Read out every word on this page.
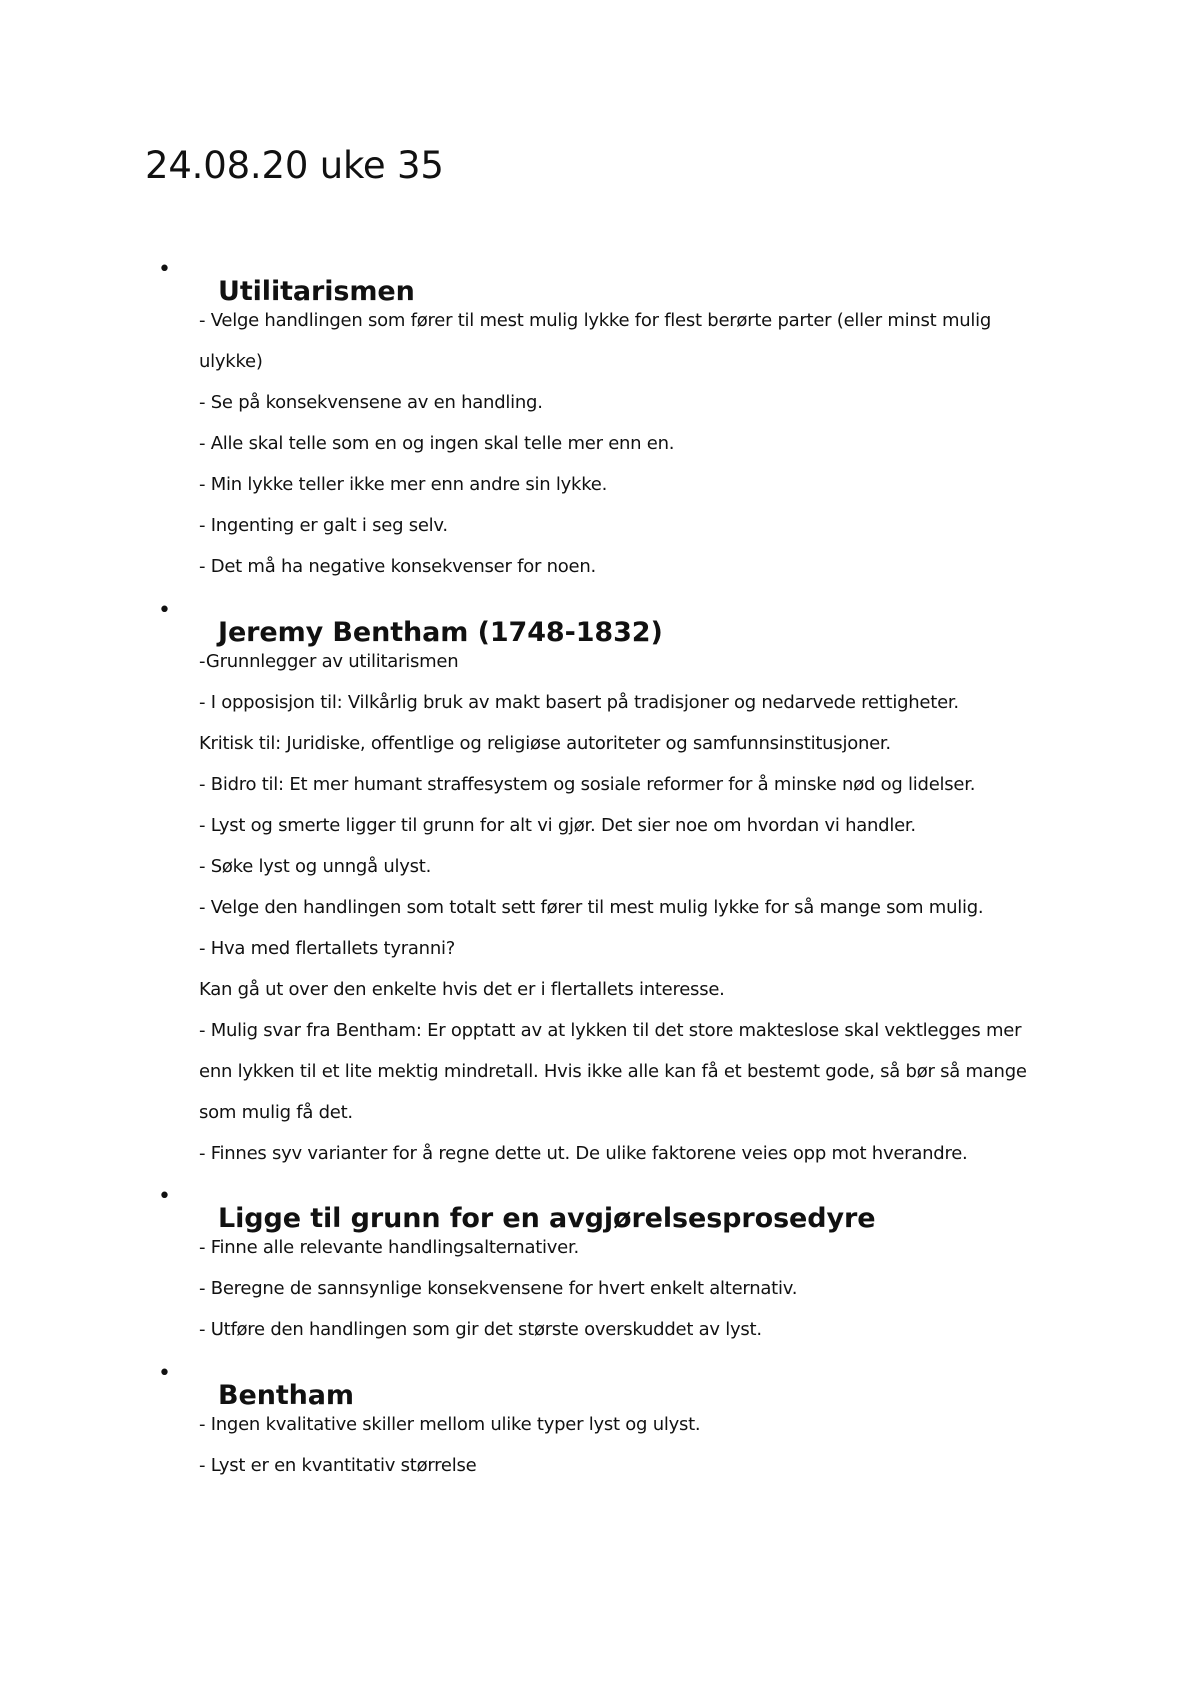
24.08.20 uke 35
•
Utilitarismen
- Velge handlingen som fører til mest mulig lykke for flest berørte parter (eller minst mulig
ulykke)
- Se på konsekvensene av en handling.
- Alle skal telle som en og ingen skal telle mer enn en.
- Min lykke teller ikke mer enn andre sin lykke.
- Ingenting er galt i seg selv.
- Det må ha negative konsekvenser for noen.
•
Jeremy Bentham (1748-1832)
-Grunnlegger av utilitarismen
- I opposisjon til: Vilkårlig bruk av makt basert på tradisjoner og nedarvede rettigheter.
Kritisk til: Juridiske, offentlige og religiøse autoriteter og samfunnsinstitusjoner.
- Bidro til: Et mer humant straffesystem og sosiale reformer for å minske nød og lidelser.
- Lyst og smerte ligger til grunn for alt vi gjør. Det sier noe om hvordan vi handler.
- Søke lyst og unngå ulyst.
- Velge den handlingen som totalt sett fører til mest mulig lykke for så mange som mulig.
- Hva med flertallets tyranni?
Kan gå ut over den enkelte hvis det er i flertallets interesse.
- Mulig svar fra Bentham: Er opptatt av at lykken til det store makteslose skal vektlegges mer
enn lykken til et lite mektig mindretall. Hvis ikke alle kan få et bestemt gode, så bør så mange
som mulig få det.
- Finnes syv varianter for å regne dette ut. De ulike faktorene veies opp mot hverandre.
•
Ligge til grunn for en avgjørelsesprosedyre
- Finne alle relevante handlingsalternativer.
- Beregne de sannsynlige konsekvensene for hvert enkelt alternativ.
- Utføre den handlingen som gir det største overskuddet av lyst.
•
Bentham
- Ingen kvalitative skiller mellom ulike typer lyst og ulyst.
- Lyst er en kvantitativ størrelse
